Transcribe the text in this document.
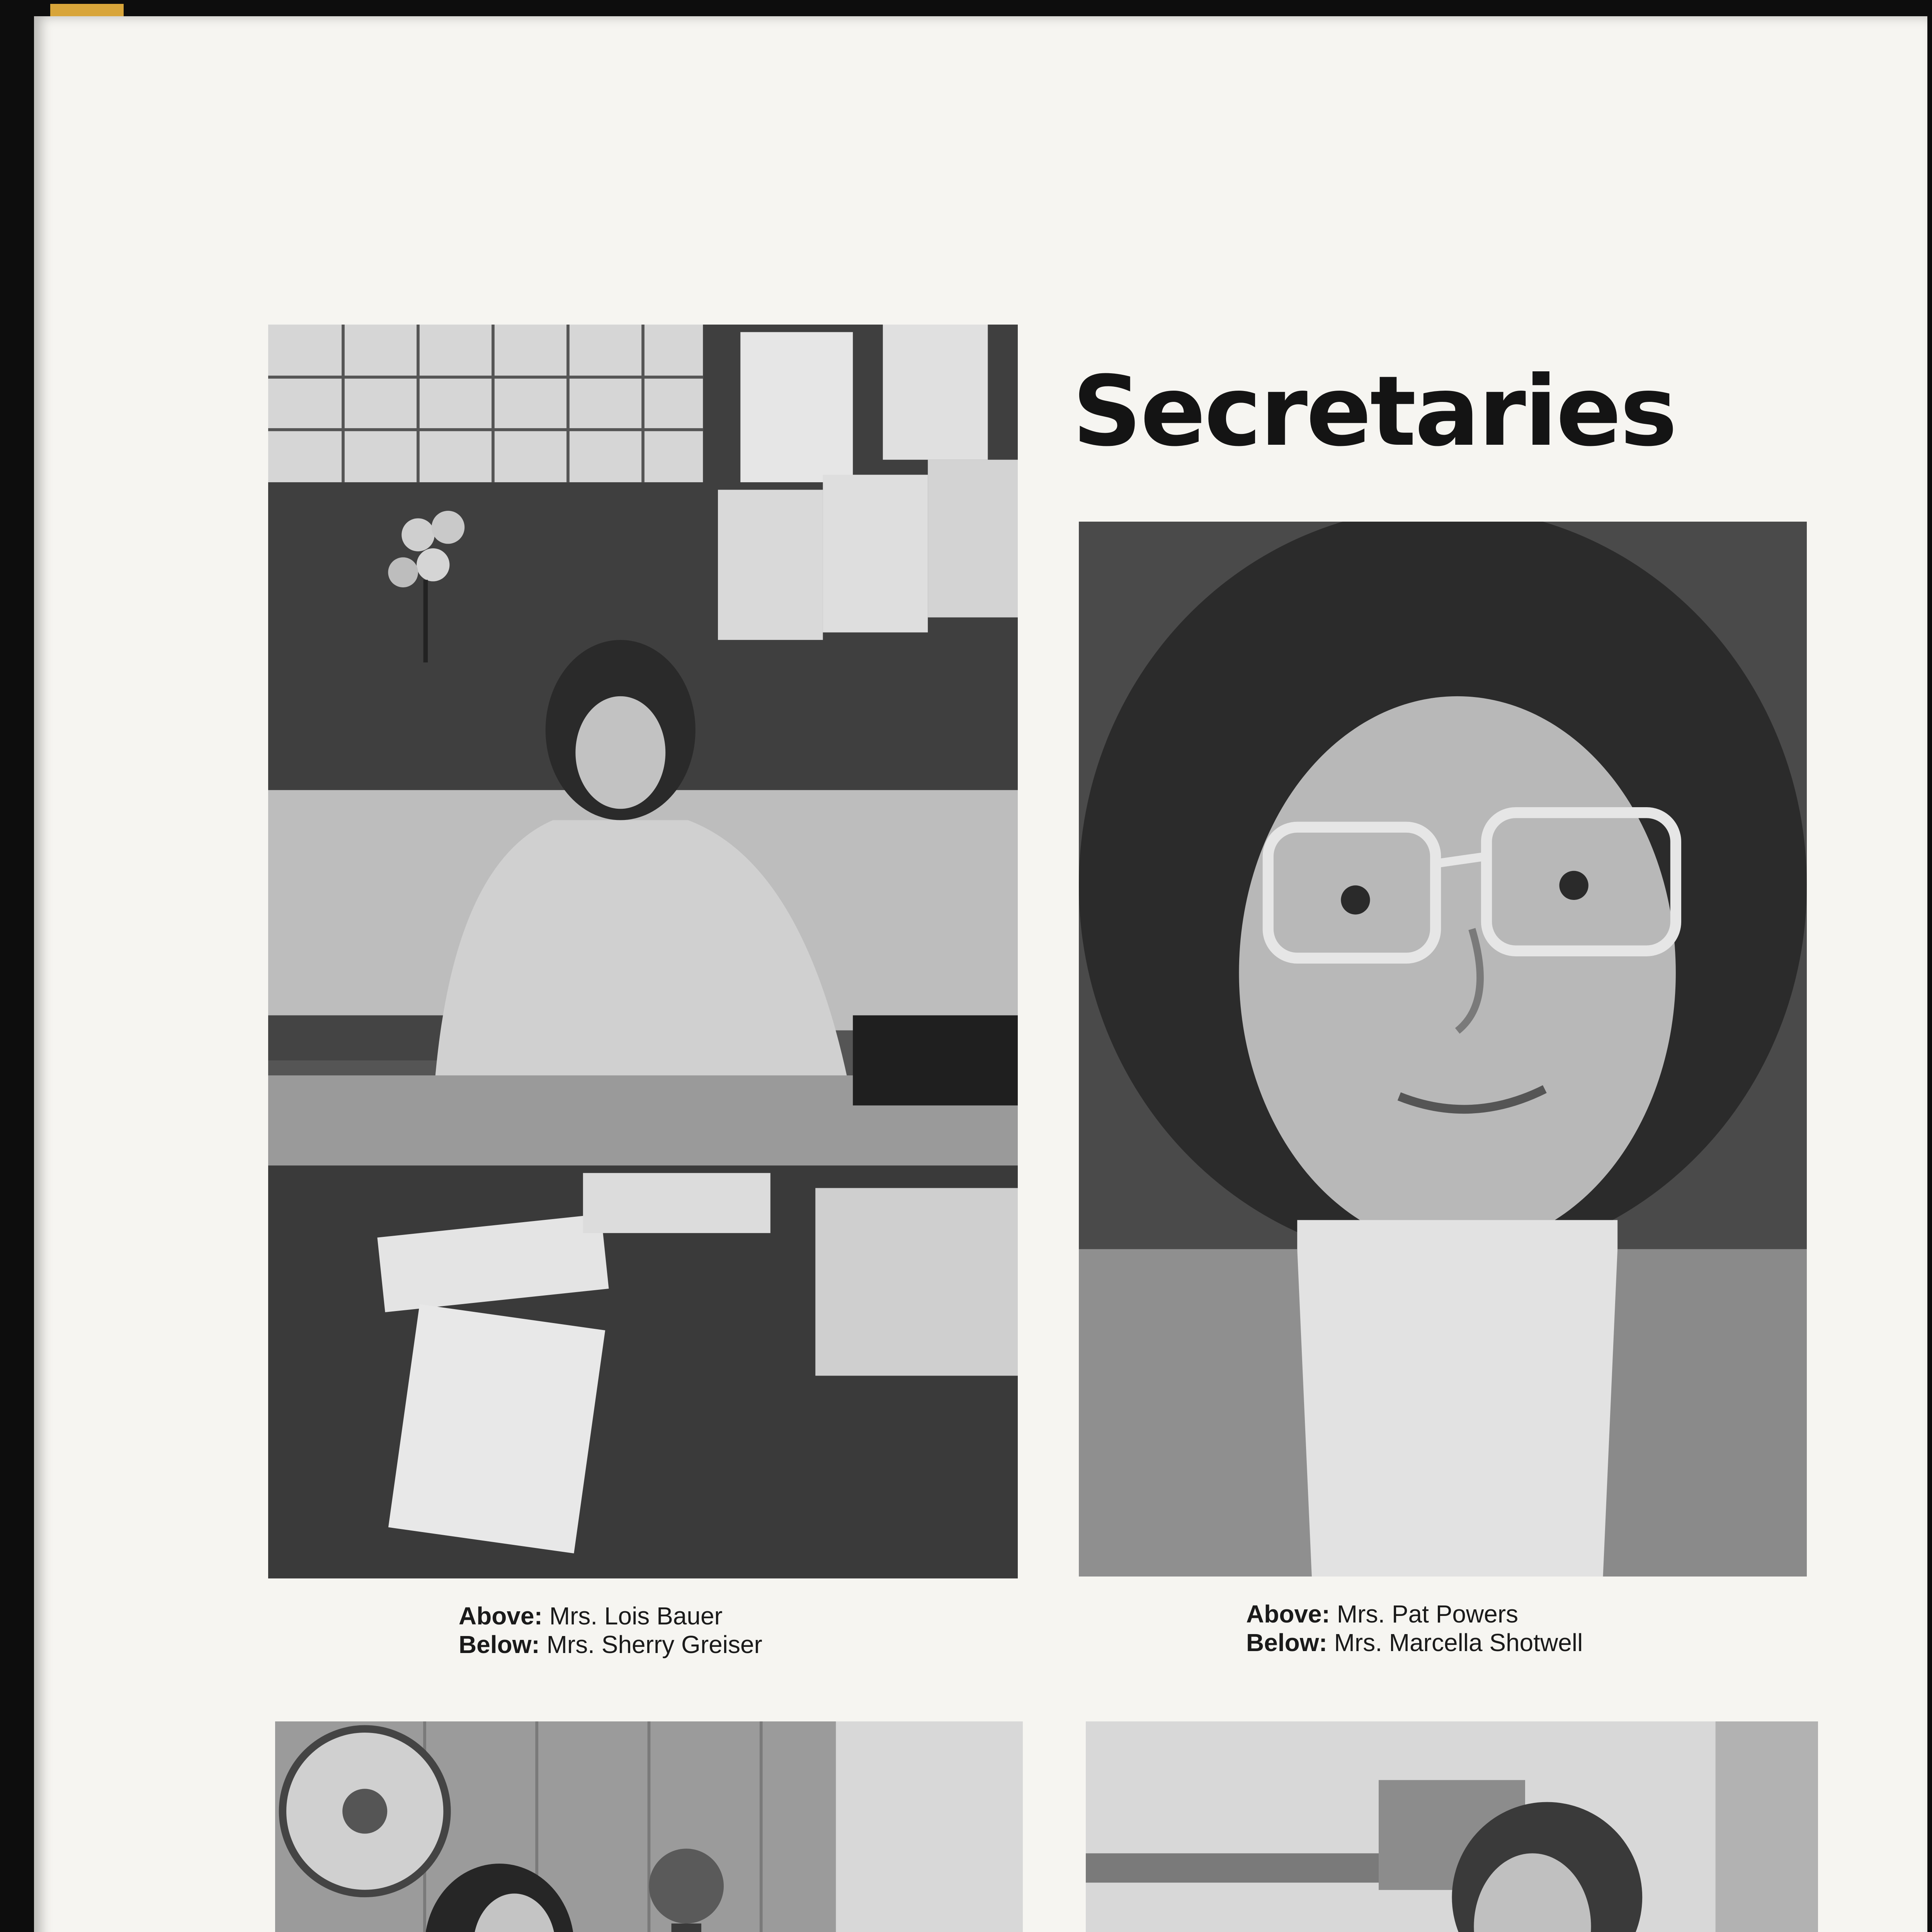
Secretaries
Above: Mrs. Lois Bauer
Below: Mrs. Sherry Greiser
Above: Mrs. Pat Powers
Below: Mrs. Marcella Shotwell
